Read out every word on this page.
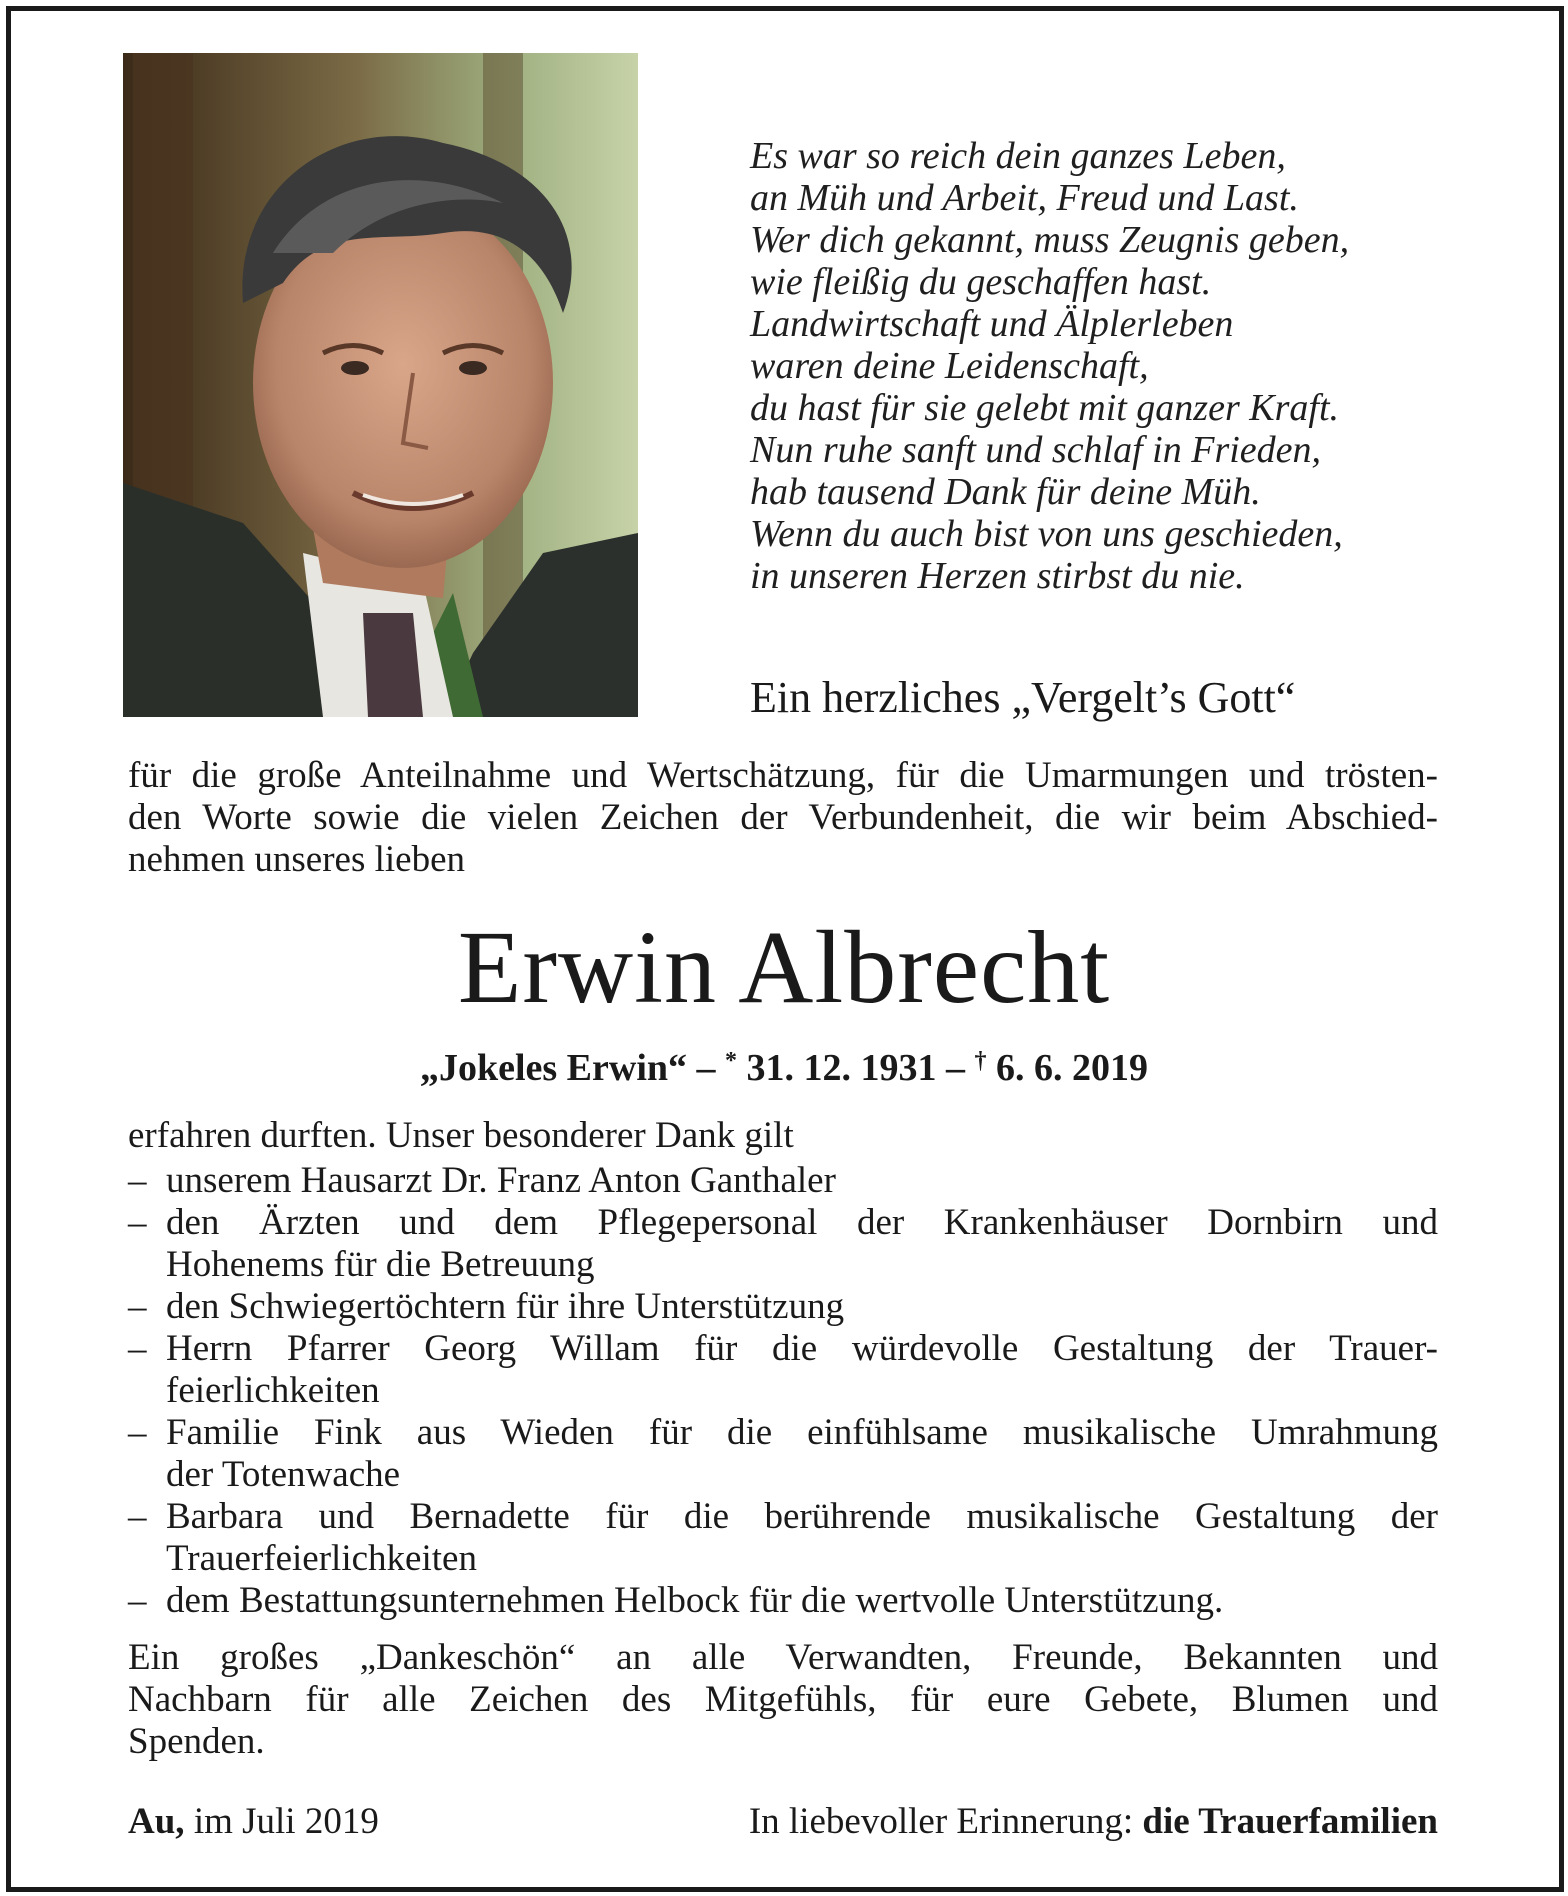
Es war so reich dein ganzes Leben,
an Müh und Arbeit, Freud und Last.
Wer dich gekannt, muss Zeugnis geben,
wie fleißig du geschaffen hast.
Landwirtschaft und Älplerleben
waren deine Leidenschaft,
du hast für sie gelebt mit ganzer Kraft.
Nun ruhe sanft und schlaf in Frieden,
hab tausend Dank für deine Müh.
Wenn du auch bist von uns geschieden,
in unseren Herzen stirbst du nie.
Ein herzliches „Vergelt’s Gott“
für die große Anteilnahme und Wertschätzung, für die Umarmungen und trösten-
den Worte sowie die vielen Zeichen der Verbundenheit, die wir beim Abschied-
nehmen unseres lieben
Erwin Albrecht
„Jokeles Erwin“ – * 31. 12. 1931 – † 6. 6. 2019
erfahren durften. Unser besonderer Dank gilt
– unserem Hausarzt Dr. Franz Anton Ganthaler
– den Ärzten und dem Pflegepersonal der Krankenhäuser Dornbirn und
Hohenems für die Betreuung
– den Schwiegertöchtern für ihre Unterstützung
– Herrn Pfarrer Georg Willam für die würdevolle Gestaltung der Trauer-
feierlichkeiten
– Familie Fink aus Wieden für die einfühlsame musikalische Umrahmung
der Totenwache
– Barbara und Bernadette für die berührende musikalische Gestaltung der
Trauerfeierlichkeiten
– dem Bestattungsunternehmen Helbock für die wertvolle Unterstützung.
Ein großes „Dankeschön“ an alle Verwandten, Freunde, Bekannten und
Nachbarn für alle Zeichen des Mitgefühls, für eure Gebete, Blumen und
Spenden.
Au, im Juli 2019	In liebevoller Erinnerung: die Trauerfamilien
